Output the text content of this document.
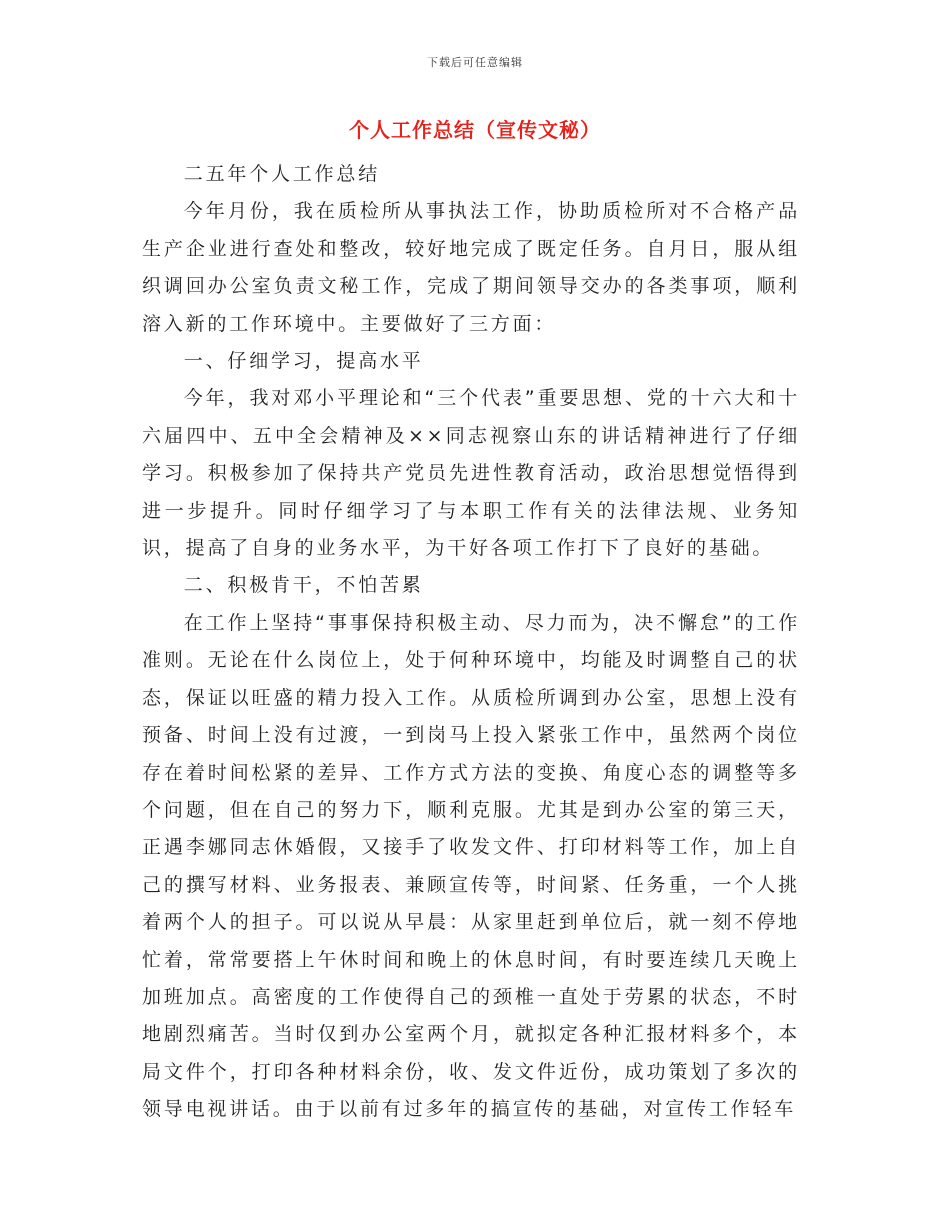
下载后可任意编辑
个人工作总结（宣传文秘）

二五年个人工作总结

今年月份，我在质检所从事执法工作，协助质检所对不合格产品生产企业进行查处和整改，较好地完成了既定任务。自月日，服从组织调回办公室负责文秘工作，完成了期间领导交办的各类事项，顺利溶入新的工作环境中。主要做好了三方面：

一、仔细学习，提高水平

今年，我对邓小平理论和“三个代表”重要思想、党的十六大和十六届四中、五中全会精神及××同志视察山东的讲话精神进行了仔细学习。积极参加了保持共产党员先进性教育活动，政治思想觉悟得到进一步提升。同时仔细学习了与本职工作有关的法律法规、业务知识，提高了自身的业务水平，为干好各项工作打下了良好的基础。

二、积极肯干，不怕苦累

在工作上坚持“事事保持积极主动、尽力而为，决不懈怠”的工作准则。无论在什么岗位上，处于何种环境中，均能及时调整自己的状态，保证以旺盛的精力投入工作。从质检所调到办公室，思想上没有预备、时间上没有过渡，一到岗马上投入紧张工作中，虽然两个岗位存在着时间松紧的差异、工作方式方法的变换、角度心态的调整等多个问题，但在自己的努力下，顺利克服。尤其是到办公室的第三天，正遇李娜同志休婚假，又接手了收发文件、打印材料等工作，加上自己的撰写材料、业务报表、兼顾宣传等，时间紧、任务重，一个人挑着两个人的担子。可以说从早晨：从家里赶到单位后，就一刻不停地忙着，常常要搭上午休时间和晚上的休息时间，有时要连续几天晚上加班加点。高密度的工作使得自己的颈椎一直处于劳累的状态，不时地剧烈痛苦。当时仅到办公室两个月，就拟定各种汇报材料多个，本局文件个，打印各种材料余份，收、发文件近份，成功策划了多次的领导电视讲话。由于以前有过多年的搞宣传的基础，对宣传工作轻车
